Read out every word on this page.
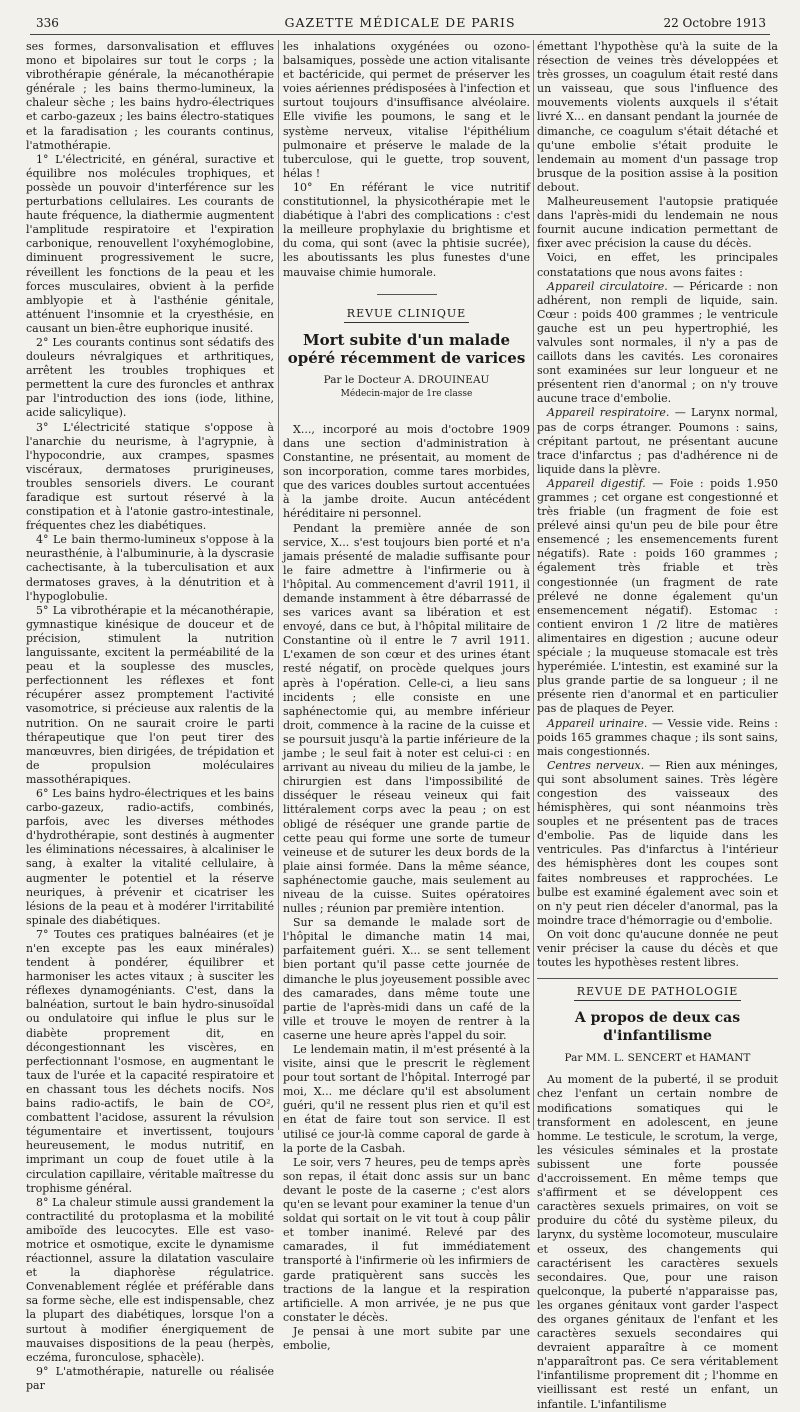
336	GAZETTE MÉDICALE DE PARIS	22 Octobre 1913

ses formes, darsonvalisation et effluves mono et bipolaires sur tout le corps ; la vibrothérapie générale, la mécanothérapie générale ; les bains thermo-lumineux, la chaleur sèche ; les bains hydro-électriques et carbo-gazeux ; les bains électro-statiques et la faradisation ; les courants continus, l'atmothérapie.

1° L'électricité, en général, suractive et équilibre nos molécules trophiques, et possède un pouvoir d'interférence sur les perturbations cellulaires. Les courants de haute fréquence, la diathermie augmentent l'amplitude respiratoire et l'expiration carbonique, renouvellent l'oxyhémoglobine, diminuent progressivement le sucre, réveillent les fonctions de la peau et les forces musculaires, obvient à la perfide amblyopie et à l'asthénie génitale, atténuent l'insomnie et la cryesthésie, en causant un bien-être euphorique inusité.

2° Les courants continus sont sédatifs des douleurs névralgiques et arthritiques, arrêtent les troubles trophiques et permettent la cure des furoncles et anthrax par l'introduction des ions (iode, lithine, acide salicylique).

3° L'électricité statique s'oppose à l'anarchie du neurisme, à l'agrypnie, à l'hypocondrie, aux crampes, spasmes viscéraux, dermatoses prurigineuses, troubles sensoriels divers. Le courant faradique est surtout réservé à la constipation et à l'atonie gastro-intestinale, fréquentes chez les diabétiques.

4° Le bain thermo-lumineux s'oppose à la neurasthénie, à l'albuminurie, à la dyscrasie cachectisante, à la tuberculisation et aux dermatoses graves, à la dénutrition et à l'hypoglobulie.

5° La vibrothérapie et la mécanothérapie, gymnastique kinésique de douceur et de précision, stimulent la nutrition languissante, excitent la perméabilité de la peau et la souplesse des muscles, perfectionnent les réflexes et font récupérer assez promptement l'activité vasomotrice, si précieuse aux ralentis de la nutrition. On ne saurait croire le parti thérapeutique que l'on peut tirer des manœuvres, bien dirigées, de trépidation et de propulsion moléculaires massothérapiques.

6° Les bains hydro-électriques et les bains carbo-gazeux, radio-actifs, combinés, parfois, avec les diverses méthodes d'hydrothérapie, sont destinés à augmenter les éliminations nécessaires, à alcaliniser le sang, à exalter la vitalité cellulaire, à augmenter le potentiel et la réserve neuriques, à prévenir et cicatriser les lésions de la peau et à modérer l'irritabilité spinale des diabétiques.

7° Toutes ces pratiques balnéaires (et je n'en excepte pas les eaux minérales) tendent à pondérer, équilibrer et harmoniser les actes vitaux ; à susciter les réflexes dynamogéniants. C'est, dans la balnéation, surtout le bain hydro-sinusoïdal ou ondulatoire qui influe le plus sur le diabète proprement dit, en décongestionnant les viscères, en perfectionnant l'osmose, en augmentant le taux de l'urée et la capacité respiratoire et en chassant tous les déchets nocifs. Nos bains radio-actifs, le bain de CO², combattent l'acidose, assurent la révulsion tégumentaire et invertissent, toujours heureusement, le modus nutritif, en imprimant un coup de fouet utile à la circulation capillaire, véritable maîtresse du trophisme général.

8° La chaleur stimule aussi grandement la contractilité du protoplasma et la mobilité amiboïde des leucocytes. Elle est vaso-motrice et osmotique, excite le dynamisme réactionnel, assure la dilatation vasculaire et la diaphorèse régulatrice. Convenablement réglée et préférable dans sa forme sèche, elle est indispensable, chez la plupart des diabétiques, lorsque l'on a surtout à modifier énergiquement de mauvaises dispositions de la peau (herpès, eczéma, furonculose, sphacèle).

9° L'atmothérapie, naturelle ou réalisée par

les inhalations oxygénées ou ozono-balsamiques, possède une action vitalisante et bactéricide, qui permet de préserver les voies aériennes prédisposées à l'infection et surtout toujours d'insuffisance alvéolaire. Elle vivifie les poumons, le sang et le système nerveux, vitalise l'épithélium pulmonaire et préserve le malade de la tuberculose, qui le guette, trop souvent, hélas !

10° En référant le vice nutritif constitutionnel, la physicothérapie met le diabétique à l'abri des complications : c'est la meilleure prophylaxie du brightisme et du coma, qui sont (avec la phtisie sucrée), les aboutissants les plus funestes d'une mauvaise chimie humorale.

REVUE CLINIQUE
Mort subite d'un malade opéré récemment de varices
Par le Docteur A. DROUINEAU
Médecin-major de 1re classe

X..., incorporé au mois d'octobre 1909 dans une section d'administration à Constantine, ne présentait, au moment de son incorporation, comme tares morbides, que des varices doubles surtout accentuées à la jambe droite. Aucun antécédent héréditaire ni personnel.

Pendant la première année de son service, X... s'est toujours bien porté et n'a jamais présenté de maladie suffisante pour le faire admettre à l'infirmerie ou à l'hôpital. Au commencement d'avril 1911, il demande instamment à être débarrassé de ses varices avant sa libération et est envoyé, dans ce but, à l'hôpital militaire de Constantine où il entre le 7 avril 1911. L'examen de son cœur et des urines étant resté négatif, on procède quelques jours après à l'opération. Celle-ci, a lieu sans incidents ; elle consiste en une saphénectomie qui, au membre inférieur droit, commence à la racine de la cuisse et se poursuit jusqu'à la partie inférieure de la jambe ; le seul fait à noter est celui-ci : en arrivant au niveau du milieu de la jambe, le chirurgien est dans l'impossibilité de disséquer le réseau veineux qui fait littéralement corps avec la peau ; on est obligé de réséquer une grande partie de cette peau qui forme une sorte de tumeur veineuse et de suturer les deux bords de la plaie ainsi formée. Dans la même séance, saphénectomie gauche, mais seulement au niveau de la cuisse. Suites opératoires nulles ; réunion par première intention.

Sur sa demande le malade sort de l'hôpital le dimanche matin 14 mai, parfaitement guéri. X... se sent tellement bien portant qu'il passe cette journée de dimanche le plus joyeusement possible avec des camarades, dans même toute une partie de l'après-midi dans un café de la ville et trouve le moyen de rentrer à la caserne une heure après l'appel du soir.

Le lendemain matin, il m'est présenté à la visite, ainsi que le prescrit le règlement pour tout sortant de l'hôpital. Interrogé par moi, X... me déclare qu'il est absolument guéri, qu'il ne ressent plus rien et qu'il est en état de faire tout son service. Il est utilisé ce jour-là comme caporal de garde à la porte de la Casbah.

Le soir, vers 7 heures, peu de temps après son repas, il était donc assis sur un banc devant le poste de la caserne ; c'est alors qu'en se levant pour examiner la tenue d'un soldat qui sortait on le vit tout à coup pâlir et tomber inanimé. Relevé par des camarades, il fut immédiatement transporté à l'infirmerie où les infirmiers de garde pratiquèrent sans succès les tractions de la langue et la respiration artificielle. A mon arrivée, je ne pus que constater le décès.

Je pensai à une mort subite par une embolie,

émettant l'hypothèse qu'à la suite de la résection de veines très développées et très grosses, un coagulum était resté dans un vaisseau, que sous l'influence des mouvements violents auxquels il s'était livré X... en dansant pendant la journée de dimanche, ce coagulum s'était détaché et qu'une embolie s'était produite le lendemain au moment d'un passage trop brusque de la position assise à la position debout.

Malheureusement l'autopsie pratiquée dans l'après-midi du lendemain ne nous fournit aucune indication permettant de fixer avec précision la cause du décès.

Voici, en effet, les principales constatations que nous avons faites :

Appareil circulatoire. — Péricarde : non adhérent, non rempli de liquide, sain. Cœur : poids 400 grammes ; le ventricule gauche est un peu hypertrophié, les valvules sont normales, il n'y a pas de caillots dans les cavités. Les coronaires sont examinées sur leur longueur et ne présentent rien d'anormal ; on n'y trouve aucune trace d'embolie.

Appareil respiratoire. — Larynx normal, pas de corps étranger. Poumons : sains, crépitant partout, ne présentant aucune trace d'infarctus ; pas d'adhérence ni de liquide dans la plèvre.

Appareil digestif. — Foie : poids 1.950 grammes ; cet organe est congestionné et très friable (un fragment de foie est prélevé ainsi qu'un peu de bile pour être ensemencé ; les ensemencements furent négatifs). Rate : poids 160 grammes ; également très friable et très congestionnée (un fragment de rate prélevé ne donne également qu'un ensemencement négatif). Estomac : contient environ 1 /2 litre de matières alimentaires en digestion ; aucune odeur spéciale ; la muqueuse stomacale est très hyperémiée. L'intestin, est examiné sur la plus grande partie de sa longueur ; il ne présente rien d'anormal et en particulier pas de plaques de Peyer.

Appareil urinaire. — Vessie vide. Reins : poids 165 grammes chaque ; ils sont sains, mais congestionnés.

Centres nerveux. — Rien aux méninges, qui sont absolument saines. Très légère congestion des vaisseaux des hémisphères, qui sont néanmoins très souples et ne présentent pas de traces d'embolie. Pas de liquide dans les ventricules. Pas d'infarctus à l'intérieur des hémisphères dont les coupes sont faites nombreuses et rapprochées. Le bulbe est examiné également avec soin et on n'y peut rien déceler d'anormal, pas la moindre trace d'hémorragie ou d'embolie.

On voit donc qu'aucune donnée ne peut venir préciser la cause du décès et que toutes les hypothèses restent libres.

REVUE DE PATHOLOGIE
A propos de deux cas d'infantilisme
Par MM. L. SENCERT et HAMANT

Au moment de la puberté, il se produit chez l'enfant un certain nombre de modifications somatiques qui le transforment en adolescent, en jeune homme. Le testicule, le scrotum, la verge, les vésicules séminales et la prostate subissent une forte poussée d'accroissement. En même temps que s'affirment et se développent ces caractères sexuels primaires, on voit se produire du côté du système pileux, du larynx, du système locomoteur, musculaire et osseux, des changements qui caractérisent les caractères sexuels secondaires. Que, pour une raison quelconque, la puberté n'apparaisse pas, les organes génitaux vont garder l'aspect des organes génitaux de l'enfant et les caractères sexuels secondaires qui devraient apparaître à ce moment n'apparaîtront pas. Ce sera véritablement l'infantilisme proprement dit ; l'homme en vieillissant est resté un enfant, un infantile. L'infantilisme
